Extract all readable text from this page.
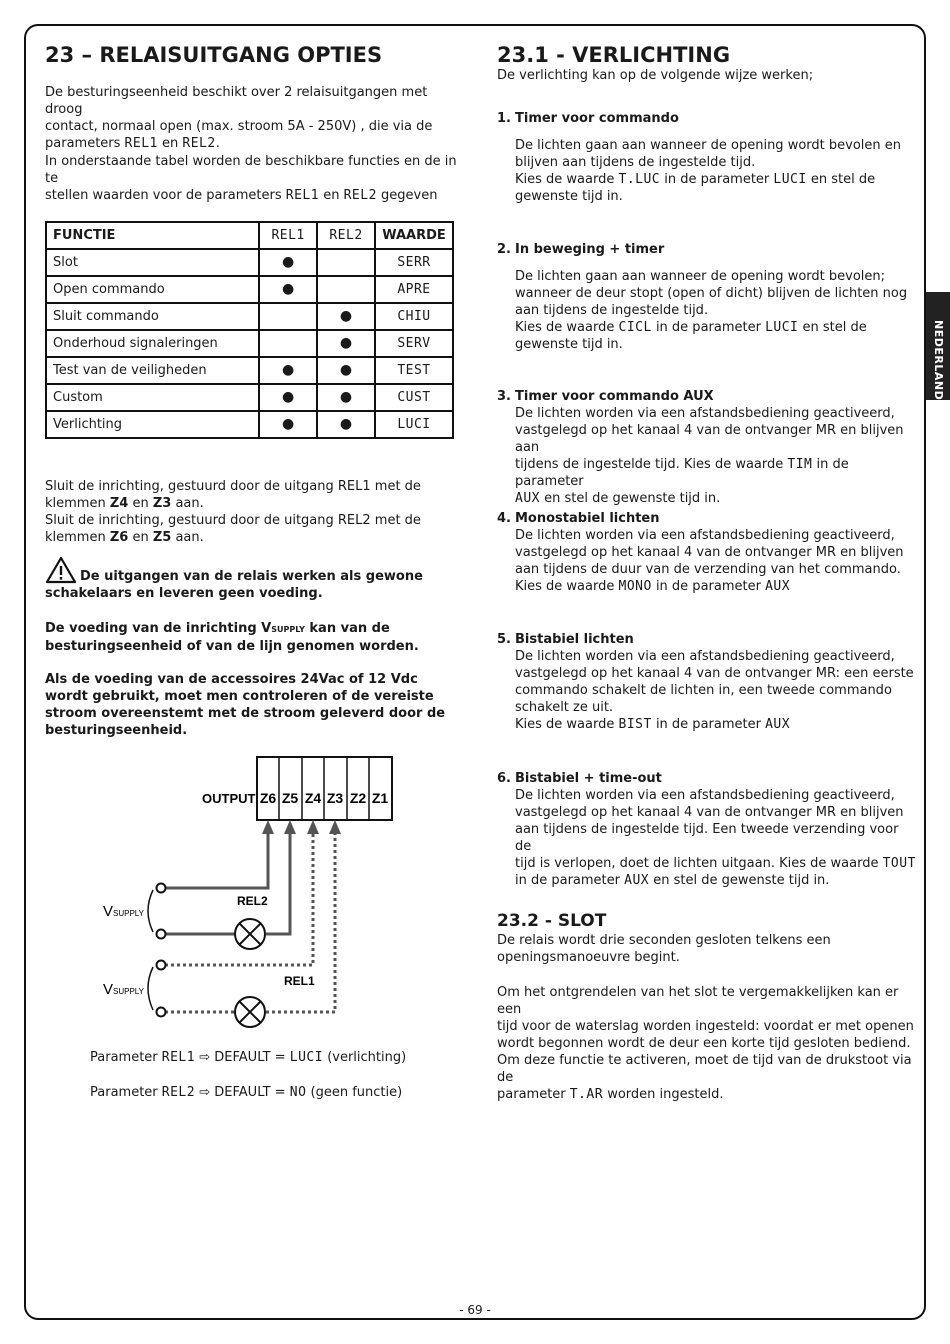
NEDERLANDS
23 – RELAISUITGANG OPTIES

De besturingseenheid beschikt over 2 relaisuitgangen met droog

contact, normaal open (max. stroom 5A - 250V) , die via de

parameters REL1 en REL2.

In onderstaande tabel worden de beschikbare functies en de in te

stellen waarden voor de parameters REL1 en REL2 gegeven

FUNCTIE	REL1	REL2	WAARDE
Slot	●		SERR
Open commando	●		APRE
Sluit commando		●	CHIU
Onderhoud signaleringen		●	SERV
Test van de veiligheden	●	●	TEST
Custom	●	●	CUST
Verlichting	●	●	LUCI

Sluit de inrichting, gestuurd door de uitgang REL1 met de

klemmen Z4 en Z3 aan.

Sluit de inrichting, gestuurd door de uitgang REL2 met de

klemmen Z6 en Z5 aan.

De uitgangen van de relais werken als gewone

schakelaars en leveren geen voeding.

De voeding van de inrichting VSUPPLY kan van de

besturingseenheid of van de lijn genomen worden.

Als de voeding van de accessoires 24Vac of 12 Vdc

wordt gebruikt, moet men controleren of de vereiste

stroom overeenstemt met de stroom geleverd door de

besturingseenheid.

OUTPUT Z6 Z5 Z4 Z3 Z2 Z1
REL2
REL1
VSUPPLY
VSUPPLY
Parameter REL1 ⇨ DEFAULT = LUCI (verlichting)
Parameter REL2 ⇨ DEFAULT = NO (geen functie)
23.1 - VERLICHTING

De verlichting kan op de volgende wijze werken;

1. Timer voor commando

De lichten gaan aan wanneer de opening wordt bevolen en

blijven aan tijdens de ingestelde tijd.

Kies de waarde T.LUC in de parameter LUCI en stel de

gewenste tijd in.

2. In beweging + timer

De lichten gaan aan wanneer de opening wordt bevolen;

wanneer de deur stopt (open of dicht) blijven de lichten nog

aan tijdens de ingestelde tijd.

Kies de waarde CICL in de parameter LUCI en stel de

gewenste tijd in.

3. Timer voor commando AUX

De lichten worden via een afstandsbediening geactiveerd,

vastgelegd op het kanaal 4 van de ontvanger MR en blijven aan

tijdens de ingestelde tijd. Kies de waarde TIM in de parameter

AUX en stel de gewenste tijd in.

4. Monostabiel lichten

De lichten worden via een afstandsbediening geactiveerd,

vastgelegd op het kanaal 4 van de ontvanger MR en blijven

aan tijdens de duur van de verzending van het commando.

Kies de waarde MONO in de parameter AUX

5. Bistabiel lichten

De lichten worden via een afstandsbediening geactiveerd,

vastgelegd op het kanaal 4 van de ontvanger MR: een eerste

commando schakelt de lichten in, een tweede commando

schakelt ze uit.

Kies de waarde BIST in de parameter AUX

6. Bistabiel + time-out

De lichten worden via een afstandsbediening geactiveerd,

vastgelegd op het kanaal 4 van de ontvanger MR en blijven

aan tijdens de ingestelde tijd. Een tweede verzending voor de

tijd is verlopen, doet de lichten uitgaan. Kies de waarde TOUT

in de parameter AUX en stel de gewenste tijd in.

23.2 - SLOT

De relais wordt drie seconden gesloten telkens een

openingsmanoeuvre begint.

Om het ontgrendelen van het slot te vergemakkelijken kan er een

tijd voor de waterslag worden ingesteld: voordat er met openen

wordt begonnen wordt de deur een korte tijd gesloten bediend.

Om deze functie te activeren, moet de tijd van de drukstoot via de

parameter T.AR worden ingesteld.

- 69 -
